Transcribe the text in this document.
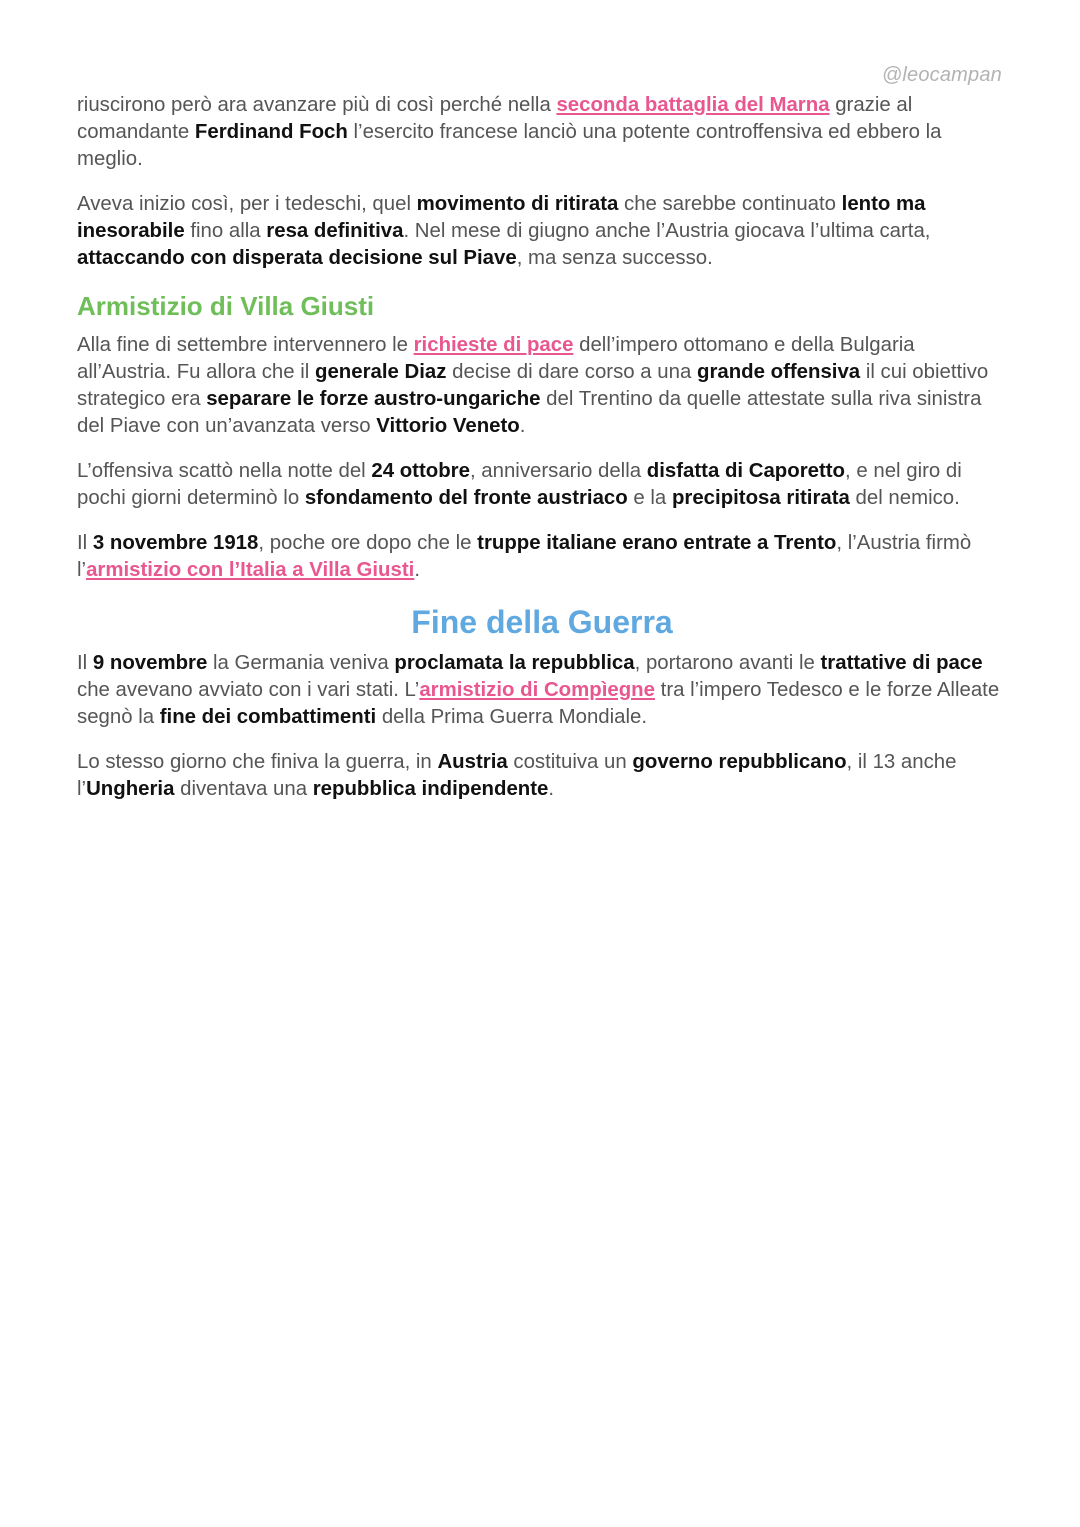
@leocampan

riuscirono però ara avanzare più di così perché nella seconda battaglia del Marna grazie al comandante Ferdinand Foch l’esercito francese lanciò una potente controffensiva ed ebbero la meglio.

Aveva inizio così, per i tedeschi, quel movimento di ritirata che sarebbe continuato lento ma inesorabile fino alla resa definitiva. Nel mese di giugno anche l’Austria giocava l’ultima carta, attaccando con disperata decisione sul Piave, ma senza successo.

Armistizio di Villa Giusti

Alla fine di settembre intervennero le richieste di pace dell’impero ottomano e della Bulgaria all’Austria. Fu allora che il generale Diaz decise di dare corso a una grande offensiva il cui obiettivo strategico era separare le forze austro-ungariche del Trentino da quelle attestate sulla riva sinistra del Piave con un’avanzata verso Vittorio Veneto.

L’offensiva scattò nella notte del 24 ottobre, anniversario della disfatta di Caporetto, e nel giro di pochi giorni determinò lo sfondamento del fronte austriaco e la precipitosa ritirata del nemico.

Il 3 novembre 1918, poche ore dopo che le truppe italiane erano entrate a Trento, l’Austria firmò l’armistizio con l’Italia a Villa Giusti.

Fine della Guerra

Il 9 novembre la Germania veniva proclamata la repubblica, portarono avanti le trattative di pace che avevano avviato con i vari stati. L’armistizio di Compìegne tra l’impero Tedesco e le forze Alleate segnò la fine dei combattimenti della Prima Guerra Mondiale.

Lo stesso giorno che finiva la guerra, in Austria costituiva un governo repubblicano, il 13 anche l’Ungheria diventava una repubblica indipendente.
